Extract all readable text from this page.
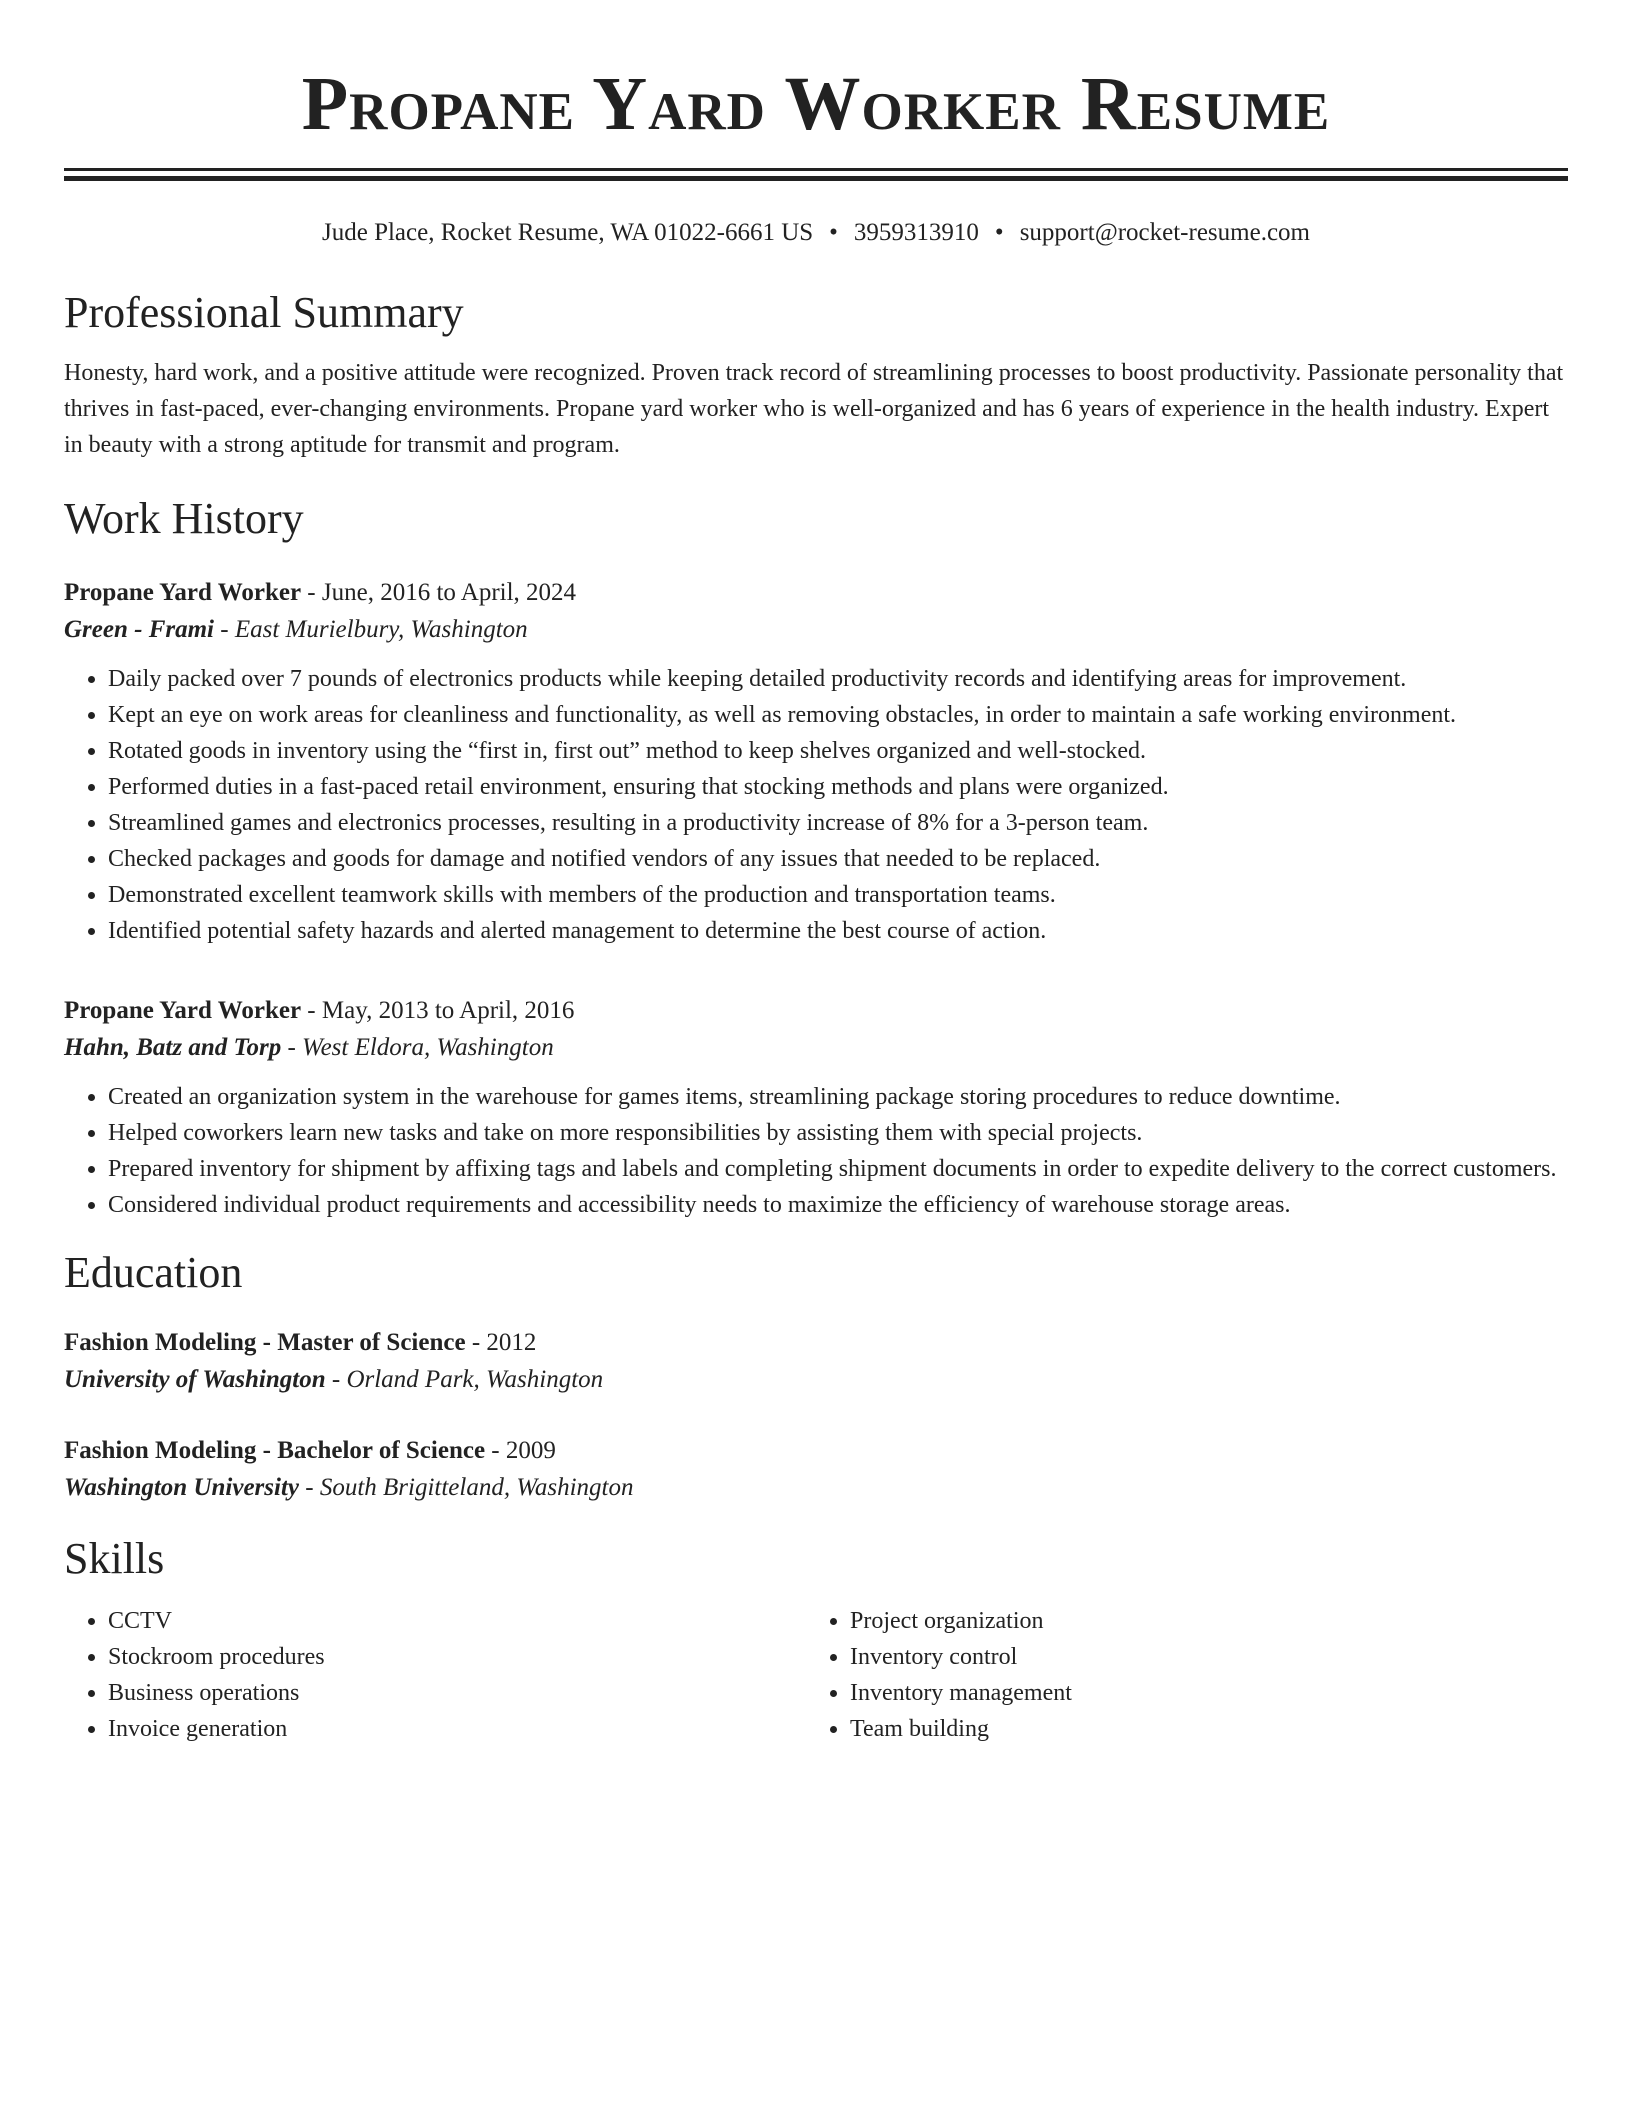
Propane Yard Worker Resume
Jude Place, Rocket Resume, WA 01022-6661 US • 3959313910 • support@rocket-resume.com
Professional Summary

Honesty, hard work, and a positive attitude were recognized. Proven track record of streamlining processes to boost productivity. Passionate personality that thrives in fast-paced, ever-changing environments. Propane yard worker who is well-organized and has 6 years of experience in the health industry. Expert in beauty with a strong aptitude for transmit and program.

Work History
Propane Yard Worker - June, 2016 to April, 2024
Green - Frami - East Murielbury, Washington
• Daily packed over 7 pounds of electronics products while keeping detailed productivity records and identifying areas for improvement.
• Kept an eye on work areas for cleanliness and functionality, as well as removing obstacles, in order to maintain a safe working environment.
• Rotated goods in inventory using the “first in, first out” method to keep shelves organized and well-stocked.
• Performed duties in a fast-paced retail environment, ensuring that stocking methods and plans were organized.
• Streamlined games and electronics processes, resulting in a productivity increase of 8% for a 3-person team.
• Checked packages and goods for damage and notified vendors of any issues that needed to be replaced.
• Demonstrated excellent teamwork skills with members of the production and transportation teams.
• Identified potential safety hazards and alerted management to determine the best course of action.
Propane Yard Worker - May, 2013 to April, 2016
Hahn, Batz and Torp - West Eldora, Washington
• Created an organization system in the warehouse for games items, streamlining package storing procedures to reduce downtime.
• Helped coworkers learn new tasks and take on more responsibilities by assisting them with special projects.
• Prepared inventory for shipment by affixing tags and labels and completing shipment documents in order to expedite delivery to the correct customers.
• Considered individual product requirements and accessibility needs to maximize the efficiency of warehouse storage areas.
Education
Fashion Modeling - Master of Science - 2012
University of Washington - Orland Park, Washington
Fashion Modeling - Bachelor of Science - 2009
Washington University - South Brigitteland, Washington
Skills
• CCTV
• Stockroom procedures
• Business operations
• Invoice generation
• Project organization
• Inventory control
• Inventory management
• Team building
